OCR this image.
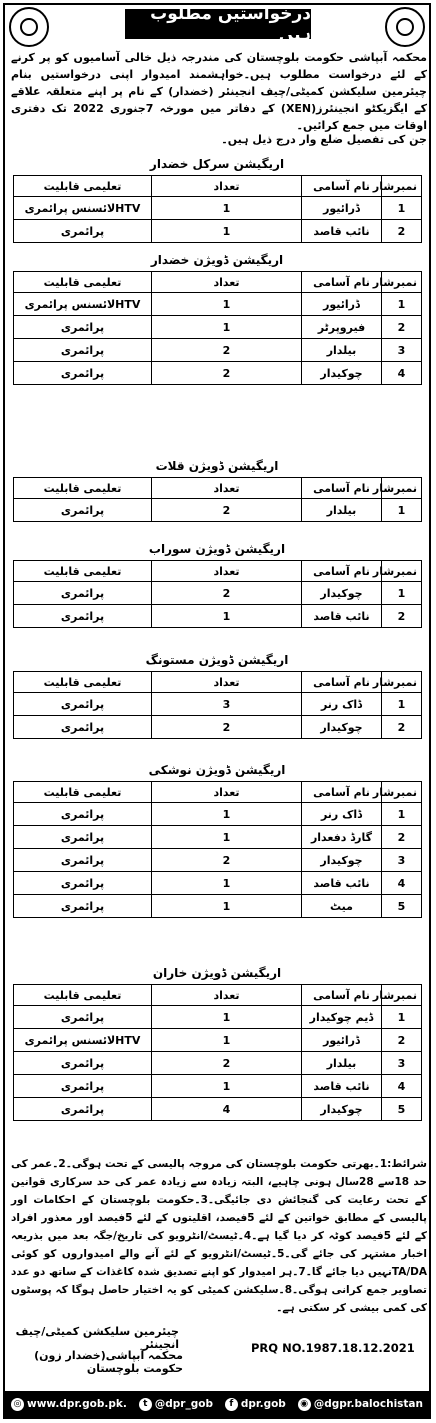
درخواستیں مطلوب ہیں
محکمہ آبپاشی حکومت بلوچستان کی مندرجہ ذیل خالی آسامیوں کو پر کرنے کے لئے درخواست مطلوب ہیں۔خواہشمند امیدوار اپنی درخواستیں بنام چیئرمین سلیکشن کمیٹی/چیف انجینئر (خضدار) کے نام پر اپنے متعلقہ علاقے کے ایگزیکٹو انجینئرز(XEN) کے دفاتر میں مورخہ 7جنوری 2022 تک دفتری اوقات میں جمع کرائیں۔
جن کی تفصیل ضلع وار درج ذیل ہیں۔
اریگیشن سرکل خضدار
نمبرشار	نام آسامی	تعداد	تعلیمی قابلیت
1	ڈرائیور	1	HTVلائسنس پرائمری
2	نائب قاصد	1	پرائمری
اریگیشن ڈویژن خضدار
نمبرشار	نام آسامی	تعداد	تعلیمی قابلیت
1	ڈرائیور	1	HTVلائسنس پرائمری
2	فیروپرٹر	1	پرائمری
3	بیلدار	2	پرائمری
4	چوکیدار	2	پرائمری
اریگیشن ڈویژن قلات
نمبرشار	نام آسامی	تعداد	تعلیمی قابلیت
1	بیلدار	2	پرائمری
اریگیشن ڈویژن سوراب
نمبرشار	نام آسامی	تعداد	تعلیمی قابلیت
1	چوکیدار	2	پرائمری
2	نائب قاصد	1	پرائمری
اریگیشن ڈویژن مستونگ
نمبرشار	نام آسامی	تعداد	تعلیمی قابلیت
1	ڈاک رنر	3	پرائمری
2	چوکیدار	2	پرائمری
اریگیشن ڈویژن نوشکی
نمبرشار	نام آسامی	تعداد	تعلیمی قابلیت
1	ڈاک رنر	1	پرائمری
2	گارڈ دفعدار	1	پرائمری
3	چوکیدار	2	پرائمری
4	نائب قاصد	1	پرائمری
5	میٹ	1	پرائمری
اریگیشن ڈویژن خاران
نمبرشار	نام آسامی	تعداد	تعلیمی قابلیت
1	ڈیم چوکیدار	1	پرائمری
2	ڈرائیور	1	HTVلائسنس پرائمری
3	بیلدار	2	پرائمری
4	نائب قاصد	1	پرائمری
5	چوکیدار	4	پرائمری
شرائط:1۔بھرتی حکومت بلوچستان کی مروجہ پالیسی کے تحت ہوگی۔2۔عمر کی حد 18سے 28سال ہونی چاہیے، البتہ زیادہ سے زیادہ عمر کی حد سرکاری قوانین کے تحت رعایت کی گنجائش دی جائیگی۔3۔حکومت بلوچستان کے احکامات اور پالیسی کے مطابق خواتین کے لئے 5فیصد، اقلیتوں کے لئے 5فیصد اور معذور افراد کے لئے 5فیصد کوٹہ کر دیا گیا ہے۔4۔ٹیسٹ/انٹرویو کی تاریخ/جگہ بعد میں بذریعہ اخبار مشتہر کی جائے گی۔5۔ٹیسٹ/انٹرویو کے لئے آنے والے امیدواروں کو کوئی TA/DAنہیں دیا جائے گا۔7۔ہر امیدوار کو اپنے تصدیق شدہ کاغذات کے ساتھ دو عدد تصاویر جمع کرانی ہوگی۔8۔سلیکشن کمیٹی کو یہ اختیار حاصل ہوگا کہ پوسٹوں کی کمی بیشی کر سکتی ہے۔
چیئرمین سلیکشن کمیٹی/چیف انجینئر
محکمہ آبپاشی(خضدار زون) حکومت بلوچستان
PRQ NO.1987.18.12.2021
◎ www.dpr.gob.pk.	t @dpr_gob	f dpr.gob ◉ @dgpr.balochistan
